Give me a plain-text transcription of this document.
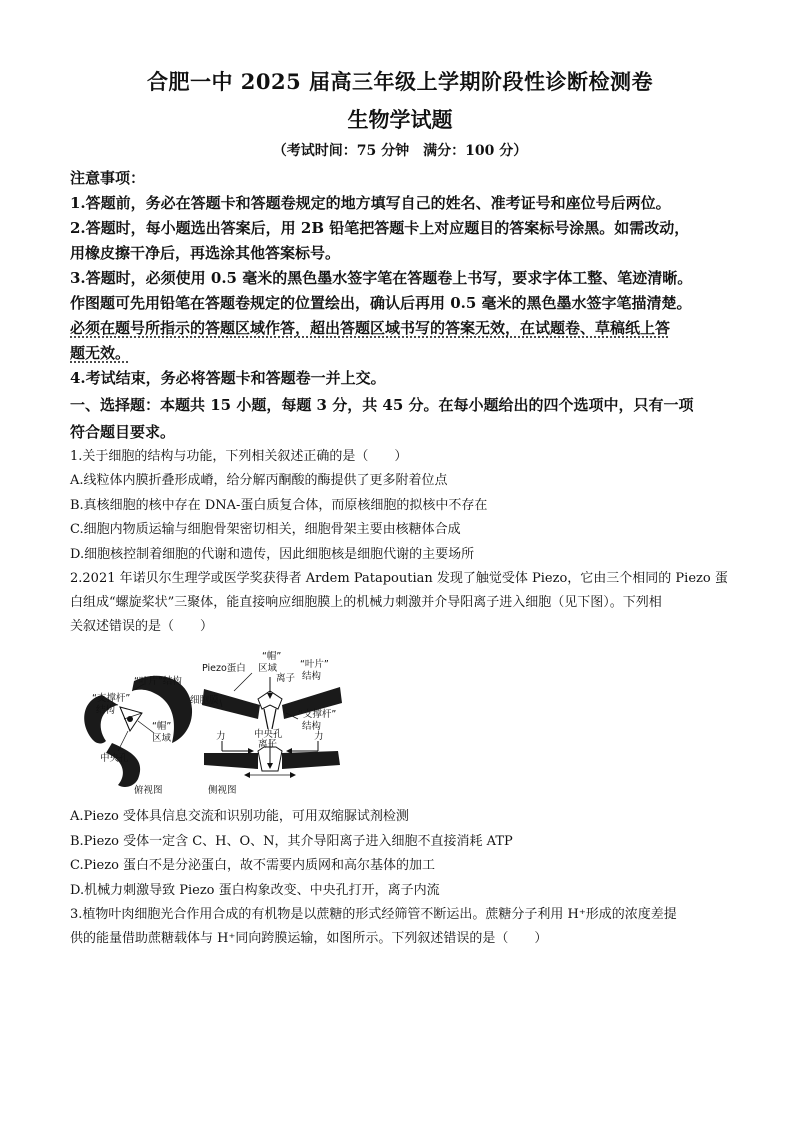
合肥一中 2025 届高三年级上学期阶段性诊断检测卷

生物学试题

（考试时间：75 分钟　满分：100 分）

注意事项：

1.答题前，务必在答题卡和答题卷规定的地方填写自己的姓名、准考证号和座位号后两位。

2.答题时，每小题选出答案后，用 2B 铅笔把答题卡上对应题目的答案标号涂黑。如需改动，

用橡皮擦干净后，再选涂其他答案标号。

3.答题时，必须使用 0.5 毫米的黑色墨水签字笔在答题卷上书写，要求字体工整、笔迹清晰。

作图题可先用铅笔在答题卷规定的位置绘出，确认后再用 0.5 毫米的黑色墨水签字笔描清楚。

必须在题号所指示的答题区域作答，超出答题区域书写的答案无效，在试题卷、草稿纸上答

题无效。

4.考试结束，务必将答题卡和答题卷一并上交。

一、选择题：本题共 15 小题，每题 3 分，共 45 分。在每小题给出的四个选项中，只有一项

符合题目要求。

1.关于细胞的结构与功能，下列相关叙述正确的是（　　）

A.线粒体内膜折叠形成嵴，给分解丙酮酸的酶提供了更多附着位点

B.真核细胞的核中存在 DNA-蛋白质复合体，而原核细胞的拟核中不存在

C.细胞内物质运输与细胞骨架密切相关，细胞骨架主要由核糖体合成

D.细胞核控制着细胞的代谢和遗传，因此细胞核是细胞代谢的主要场所

2.2021 年诺贝尔生理学或医学奖获得者 Ardem Patapoutian 发现了触觉受体 Piezo，它由三个相同的 Piezo 蛋

白组成“螺旋桨状”三聚体，能直接响应细胞膜上的机械力刺激并介导阳离子进入细胞（见下图）。下列相

关叙述错误的是（　　）

“叶片”结构
“支撑杆”
结构
“帽”
区域
中央孔
俯视图
Piezo蛋白
“帽”
区域
离子
“叶片”
结构
细胞膜
“支撑杆”
结构
中央孔
力
离子
力
侧视图

A.Piezo 受体具信息交流和识别功能，可用双缩脲试剂检测

B.Piezo 受体一定含 C、H、O、N，其介导阳离子进入细胞不直接消耗 ATP

C.Piezo 蛋白不是分泌蛋白，故不需要内质网和高尔基体的加工

D.机械力刺激导致 Piezo 蛋白构象改变、中央孔打开，离子内流

3.植物叶肉细胞光合作用合成的有机物是以蔗糖的形式经筛管不断运出。蔗糖分子利用 H⁺形成的浓度差提

供的能量借助蔗糖载体与 H⁺同向跨膜运输，如图所示。下列叙述错误的是（　　）
